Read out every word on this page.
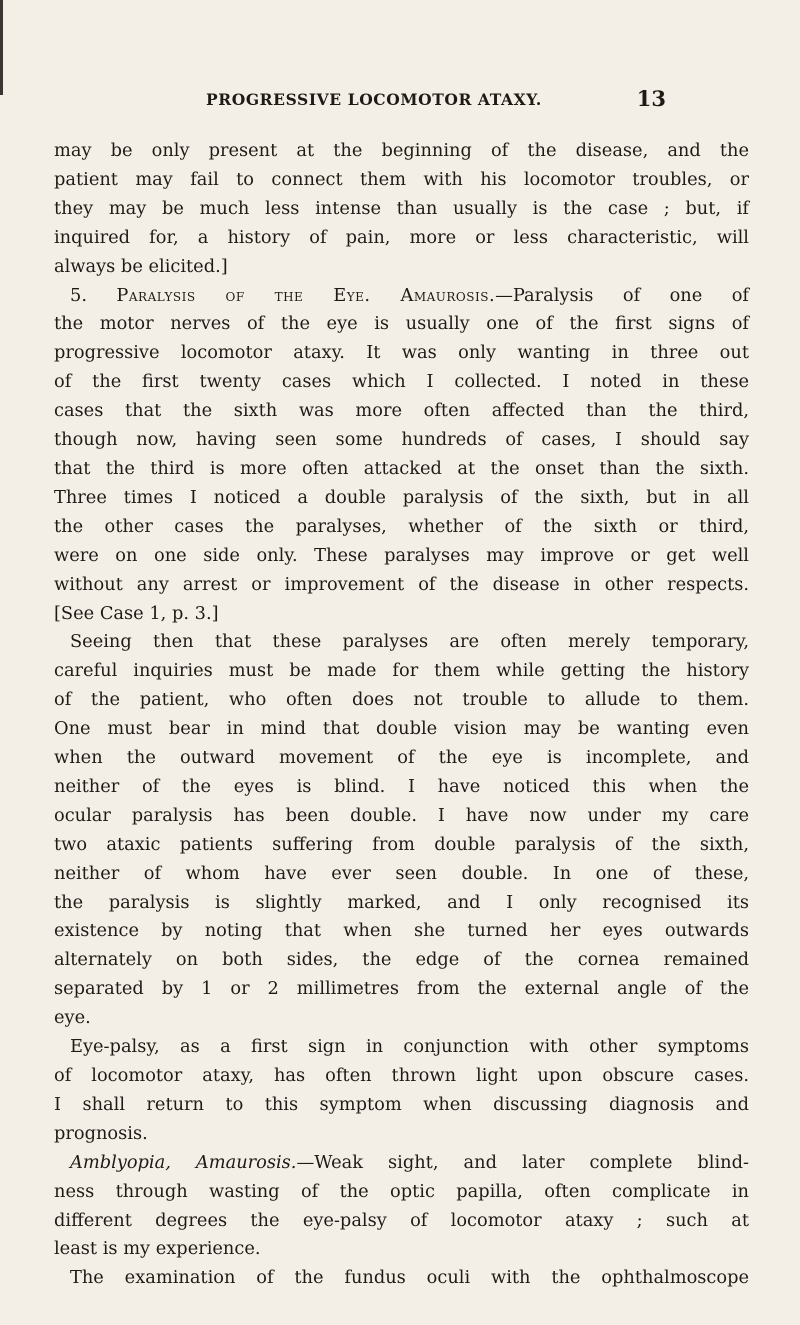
PROGRESSIVE LOCOMOTOR ATAXY.	13
may be only present at the beginning of the disease, and the
patient may fail to connect them with his locomotor troubles, or
they may be much less intense than usually is the case ; but, if
inquired for, a history of pain, more or less characteristic, will
always be elicited.]
5. Paralysis of the Eye. Amaurosis.—Paralysis of one of
the motor nerves of the eye is usually one of the first signs of
progressive locomotor ataxy. It was only wanting in three out
of the first twenty cases which I collected. I noted in these
cases that the sixth was more often affected than the third,
though now, having seen some hundreds of cases, I should say
that the third is more often attacked at the onset than the sixth.
Three times I noticed a double paralysis of the sixth, but in all
the other cases the paralyses, whether of the sixth or third,
were on one side only. These paralyses may improve or get well
without any arrest or improvement of the disease in other respects.
[See Case 1, p. 3.]
Seeing then that these paralyses are often merely temporary,
careful inquiries must be made for them while getting the history
of the patient, who often does not trouble to allude to them.
One must bear in mind that double vision may be wanting even
when the outward movement of the eye is incomplete, and
neither of the eyes is blind. I have noticed this when the
ocular paralysis has been double. I have now under my care
two ataxic patients suffering from double paralysis of the sixth,
neither of whom have ever seen double. In one of these,
the paralysis is slightly marked, and I only recognised its
existence by noting that when she turned her eyes outwards
alternately on both sides, the edge of the cornea remained
separated by 1 or 2 millimetres from the external angle of the
eye.
Eye-palsy, as a first sign in conjunction with other symptoms
of locomotor ataxy, has often thrown light upon obscure cases.
I shall return to this symptom when discussing diagnosis and
prognosis.
Amblyopia, Amaurosis.—Weak sight, and later complete blind-
ness through wasting of the optic papilla, often complicate in
different degrees the eye-palsy of locomotor ataxy ; such at
least is my experience.
The examination of the fundus oculi with the ophthalmoscope
